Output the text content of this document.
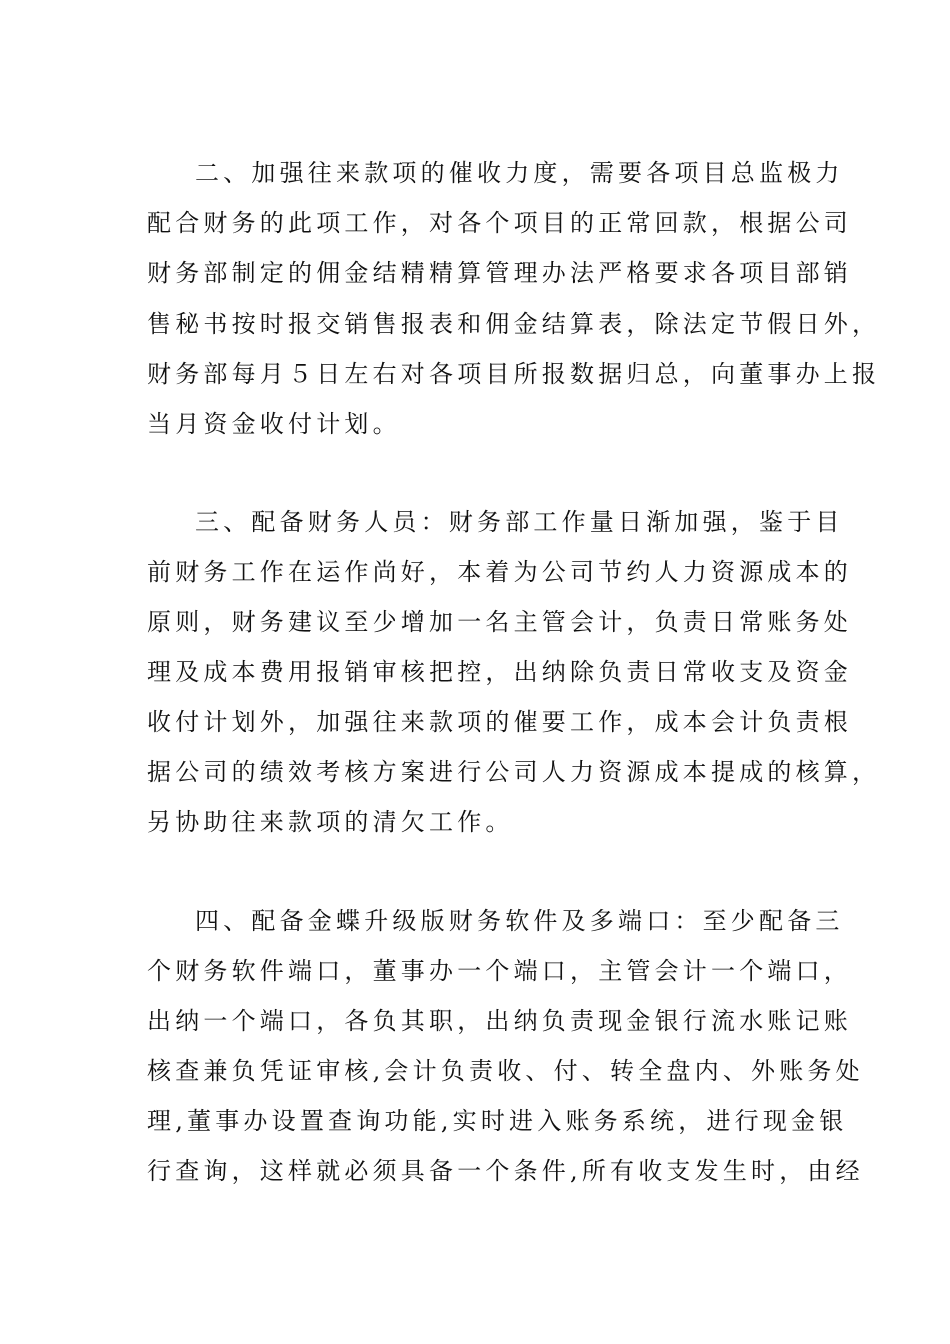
二、加强往来款项的催收力度，需要各项目总监极力
配合财务的此项工作，对各个项目的正常回款，根据公司
财务部制定的佣金结精精算管理办法严格要求各项目部销
售秘书按时报交销售报表和佣金结算表，除法定节假日外，
财务部每月５日左右对各项目所报数据归总，向董事办上报
当月资金收付计划。
三、配备财务人员：财务部工作量日渐加强，鉴于目
前财务工作在运作尚好，本着为公司节约人力资源成本的
原则，财务建议至少增加一名主管会计，负责日常账务处
理及成本费用报销审核把控，出纳除负责日常收支及资金
收付计划外，加强往来款项的催要工作，成本会计负责根
据公司的绩效考核方案进行公司人力资源成本提成的核算，
另协助往来款项的清欠工作。
四、配备金蝶升级版财务软件及多端口：至少配备三
个财务软件端口，董事办一个端口，主管会计一个端口，
出纳一个端口，各负其职，出纳负责现金银行流水账记账
核查兼负凭证审核,会计负责收、付、转全盘内、外账务处
理,董事办设置查询功能,实时进入账务系统，进行现金银
行查询，这样就必须具备一个条件,所有收支发生时，由经
